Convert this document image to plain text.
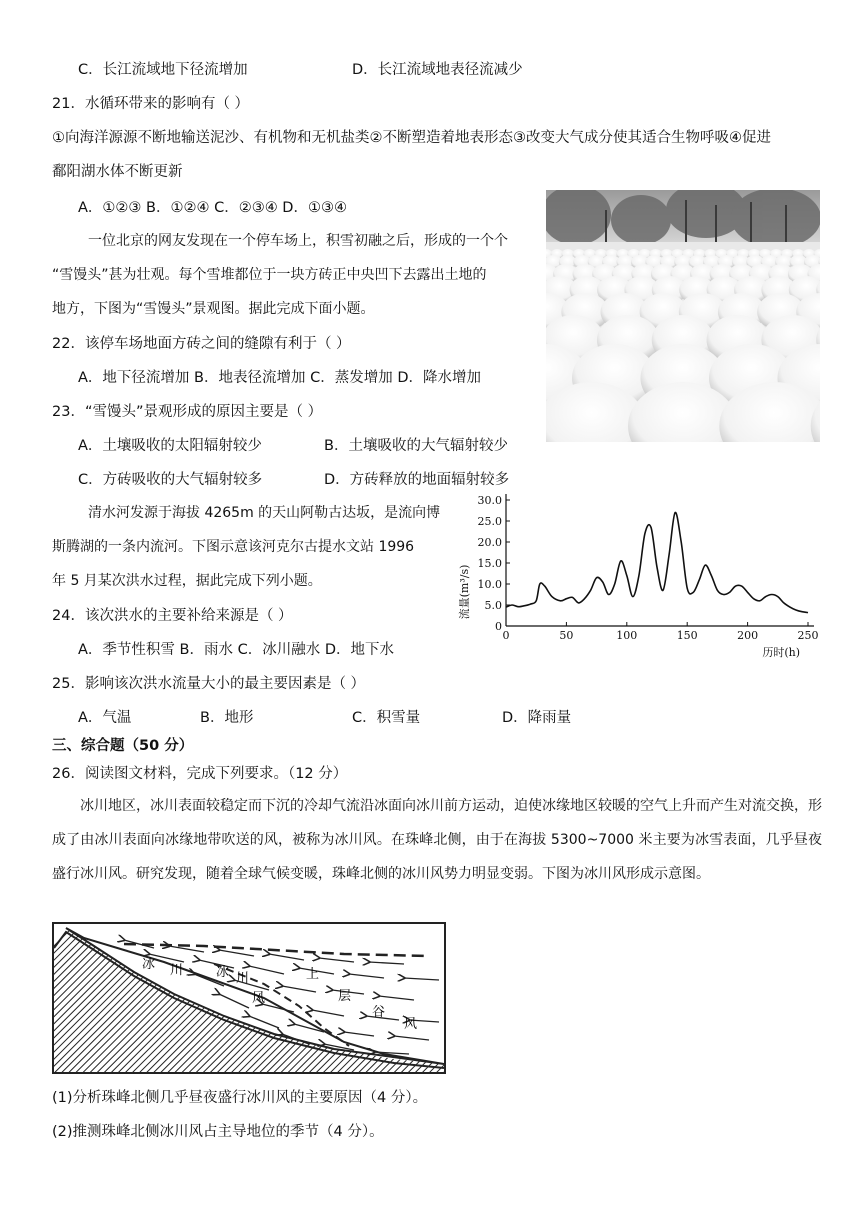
C．长江流域地下径流增加	D．长江流域地表径流减少
21．水循环带来的影响有（ ）
①向海洋源源不断地输送泥沙、有机物和无机盐类②不断塑造着地表形态③改变大气成分使其适合生物呼吸④促进
鄱阳湖水体不断更新
A．①②③ B．①②④ C．②③④ D．①③④
一位北京的网友发现在一个停车场上，积雪初融之后，形成的一个个
“雪馒头”甚为壮观。每个雪堆都位于一块方砖正中央凹下去露出土地的
地方，下图为“雪馒头”景观图。据此完成下面小题。
22．该停车场地面方砖之间的缝隙有利于（ ）
A．地下径流增加 B．地表径流增加 C．蒸发增加 D．降水增加
23．“雪馒头”景观形成的原因主要是（ ）
A．土壤吸收的太阳辐射较少	B．土壤吸收的大气辐射较少
C．方砖吸收的大气辐射较多	D．方砖释放的地面辐射较多
清水河发源于海拔 4265m 的天山阿勒古达坂，是流向博
斯腾湖的一条内流河。下图示意该河克尔古提水文站 1996
年 5 月某次洪水过程，据此完成下列小题。
24．该次洪水的主要补给来源是（ ）
A．季节性积雪 B．雨水 C．冰川融水 D．地下水
25．影响该次洪水流量大小的最主要因素是（ ）
A．气温	B．地形	C．积雪量	D．降雨量
三、综合题（50 分）
26．阅读图文材料，完成下列要求。（12 分）
冰川地区，冰川表面较稳定而下沉的冷却气流沿冰面向冰川前方运动，迫使冰缘地区较暖的空气上升而产生对流交换，形成了由冰川表面向冰缘地带吹送的风，被称为冰川风。在珠峰北侧，由于在海拔 5300~7000 米主要为冰雪表面，几乎昼夜盛行冰川风。研究发现，随着全球气候变暖，珠峰北侧的冰川风势力明显变弱。下图为冰川风形成示意图。
(1)分析珠峰北侧几乎昼夜盛行冰川风的主要原因（4 分）。
(2)推测珠峰北侧冰川风占主导地位的季节（4 分）。
流量(m³/s)
历时(h)
0	50	100	150	200	250
0
5.0
10.0
15.0
20.0
25.0
30.0
冰 川	冰 川
风
上
层
谷
风
